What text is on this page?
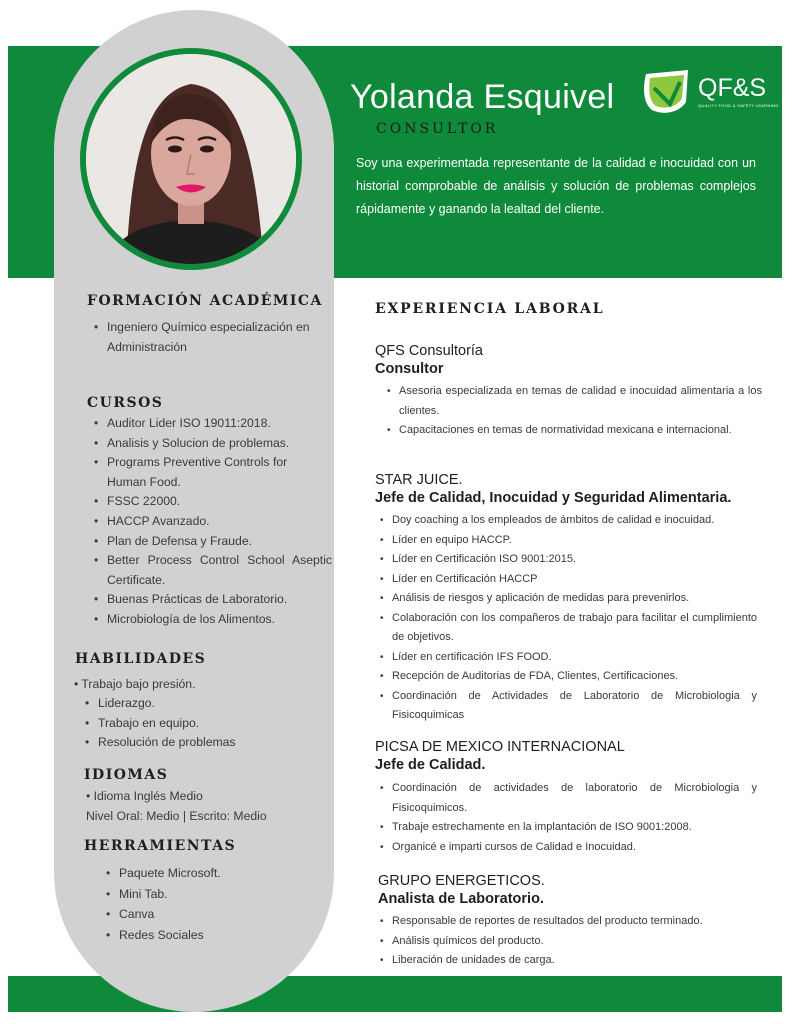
Yolanda Esquivel
CONSULTOR
QF&S
QUALITY FOOD & SAFETY LEARNING
Soy una experimentada representante de la calidad e inocuidad con un historial comprobable de análisis y solución de problemas complejos rápidamente y ganando la lealtad del cliente.
FORMACIÓN ACADÉMICA
• Ingeniero Químico especialización en Administración
CURSOS
• Auditor Lider ISO 19011:2018.
• Analisis y Solucion de problemas.
• Programs Preventive Controls for Human Food.
• FSSC 22000.
• HACCP Avanzado.
• Plan de Defensa y Fraude.
• Better Process Control School Aseptic Certificate.
• Buenas Prácticas de Laboratorio.
• Microbiología de los Alimentos.
HABILIDADES
• Trabajo bajo presión.
• Liderazgo.
• Trabajo en equipo.
• Resolución de problemas
IDIOMAS
• Idioma Inglés Medio
Nivel Oral: Medio | Escrito: Medio
HERRAMIENTAS
• Paquete Microsoft.
• Mini Tab.
• Canva
• Redes Sociales
EXPERIENCIA LABORAL
QFS Consultoría
Consultor
• Asesoria especializada en temas de calidad e inocuidad alimentaria a los clientes.
• Capacitaciones en temas de normatividad mexicana e internacional.
STAR JUICE.
Jefe de Calidad, Inocuidad y Seguridad Alimentaria.
• Doy coaching a los empleados de ámbitos de calidad e inocuidad.
• Líder en equipo HACCP.
• Líder en Certificación ISO 9001:2015.
• Líder en Certificación HACCP
• Análisis de riesgos y aplicación de medidas para prevenirlos.
• Colaboración con los compañeros de trabajo para facilitar el cumplimiento de objetivos.
• Líder en certificación IFS FOOD.
• Recepción de Auditorias de FDA, Clientes, Certificaciones.
• Coordinación de Actividades de Laboratorio de Microbiologia y Fisicoquimicas
PICSA DE MEXICO INTERNACIONAL
Jefe de Calidad.
• Coordinación de actividades de laboratorio de Microbiologia y Fisicoquimicos.
• Trabaje estrechamente en la implantación de ISO 9001:2008.
• Organicé e imparti cursos de Calidad e Inocuidad.
GRUPO ENERGETICOS.
Analista de Laboratorio.
• Responsable de reportes de resultados del producto terminado.
• Análisis químicos del producto.
• Liberación de unidades de carga.
